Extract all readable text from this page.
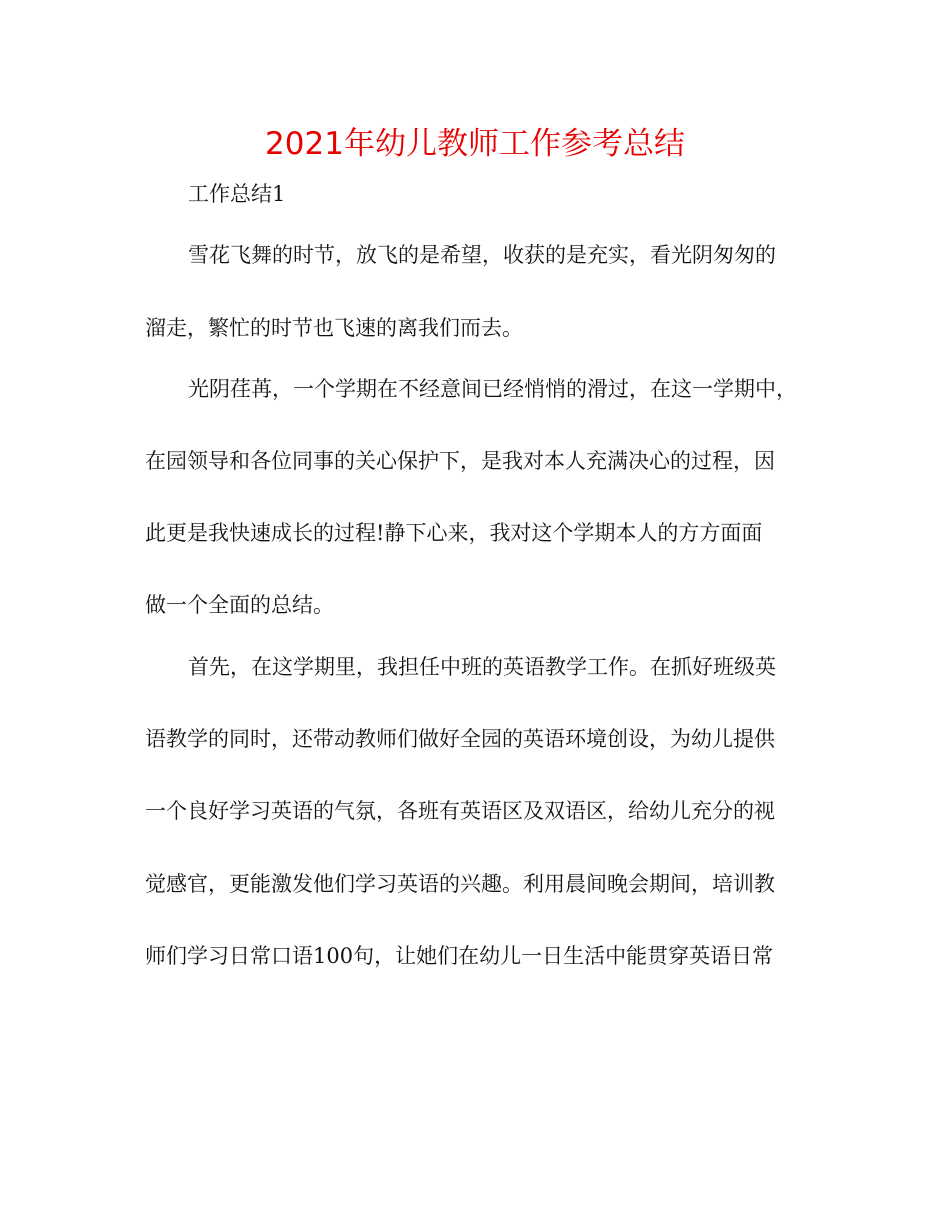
2021年幼儿教师工作参考总结

工作总结1

雪花飞舞的时节，放飞的是希望，收获的是充实，看光阴匆匆的

溜走，繁忙的时节也飞速的离我们而去。

光阴荏苒，一个学期在不经意间已经悄悄的滑过，在这一学期中，

在园领导和各位同事的关心保护下，是我对本人充满决心的过程，因

此更是我快速成长的过程!静下心来，我对这个学期本人的方方面面

做一个全面的总结。

首先，在这学期里，我担任中班的英语教学工作。在抓好班级英

语教学的同时，还带动教师们做好全园的英语环境创设，为幼儿提供

一个良好学习英语的气氛，各班有英语区及双语区，给幼儿充分的视

觉感官，更能激发他们学习英语的兴趣。利用晨间晚会期间，培训教

师们学习日常口语100句，让她们在幼儿一日生活中能贯穿英语日常
